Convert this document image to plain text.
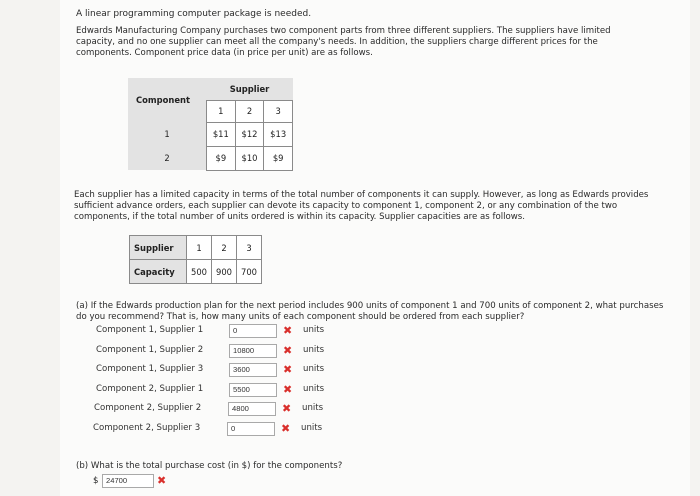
A linear programming computer package is needed.
Edwards Manufacturing Company purchases two component parts from three different suppliers. The suppliers have limited capacity, and no one supplier can meet all the company's needs. In addition, the suppliers charge different prices for the components. Component price data (in price per unit) are as follows.
Component	Supplier		
	1	2	3
1	$11	$12	$13
2	$9	$10	$9
Each supplier has a limited capacity in terms of the total number of components it can supply. However, as long as Edwards provides sufficient advance orders, each supplier can devote its capacity to component 1, component 2, or any combination of the two components, if the total number of units ordered is within its capacity. Supplier capacities are as follows.
Supplier	1	2	3
Capacity	500	900	700
(a) If the Edwards production plan for the next period includes 900 units of component 1 and 700 units of component 2, what purchases do you recommend? That is, how many units of each component should be ordered from each supplier?
Component 1, Supplier 1
0	✖ units
Component 1, Supplier 2
10800	✖ units
Component 1, Supplier 3
3600	✖ units
Component 2, Supplier 1
5500	✖ units
Component 2, Supplier 2
4800	✖ units
Component 2, Supplier 3
0	✖ units
(b) What is the total purchase cost (in $) for the components?
$
24700	✖
